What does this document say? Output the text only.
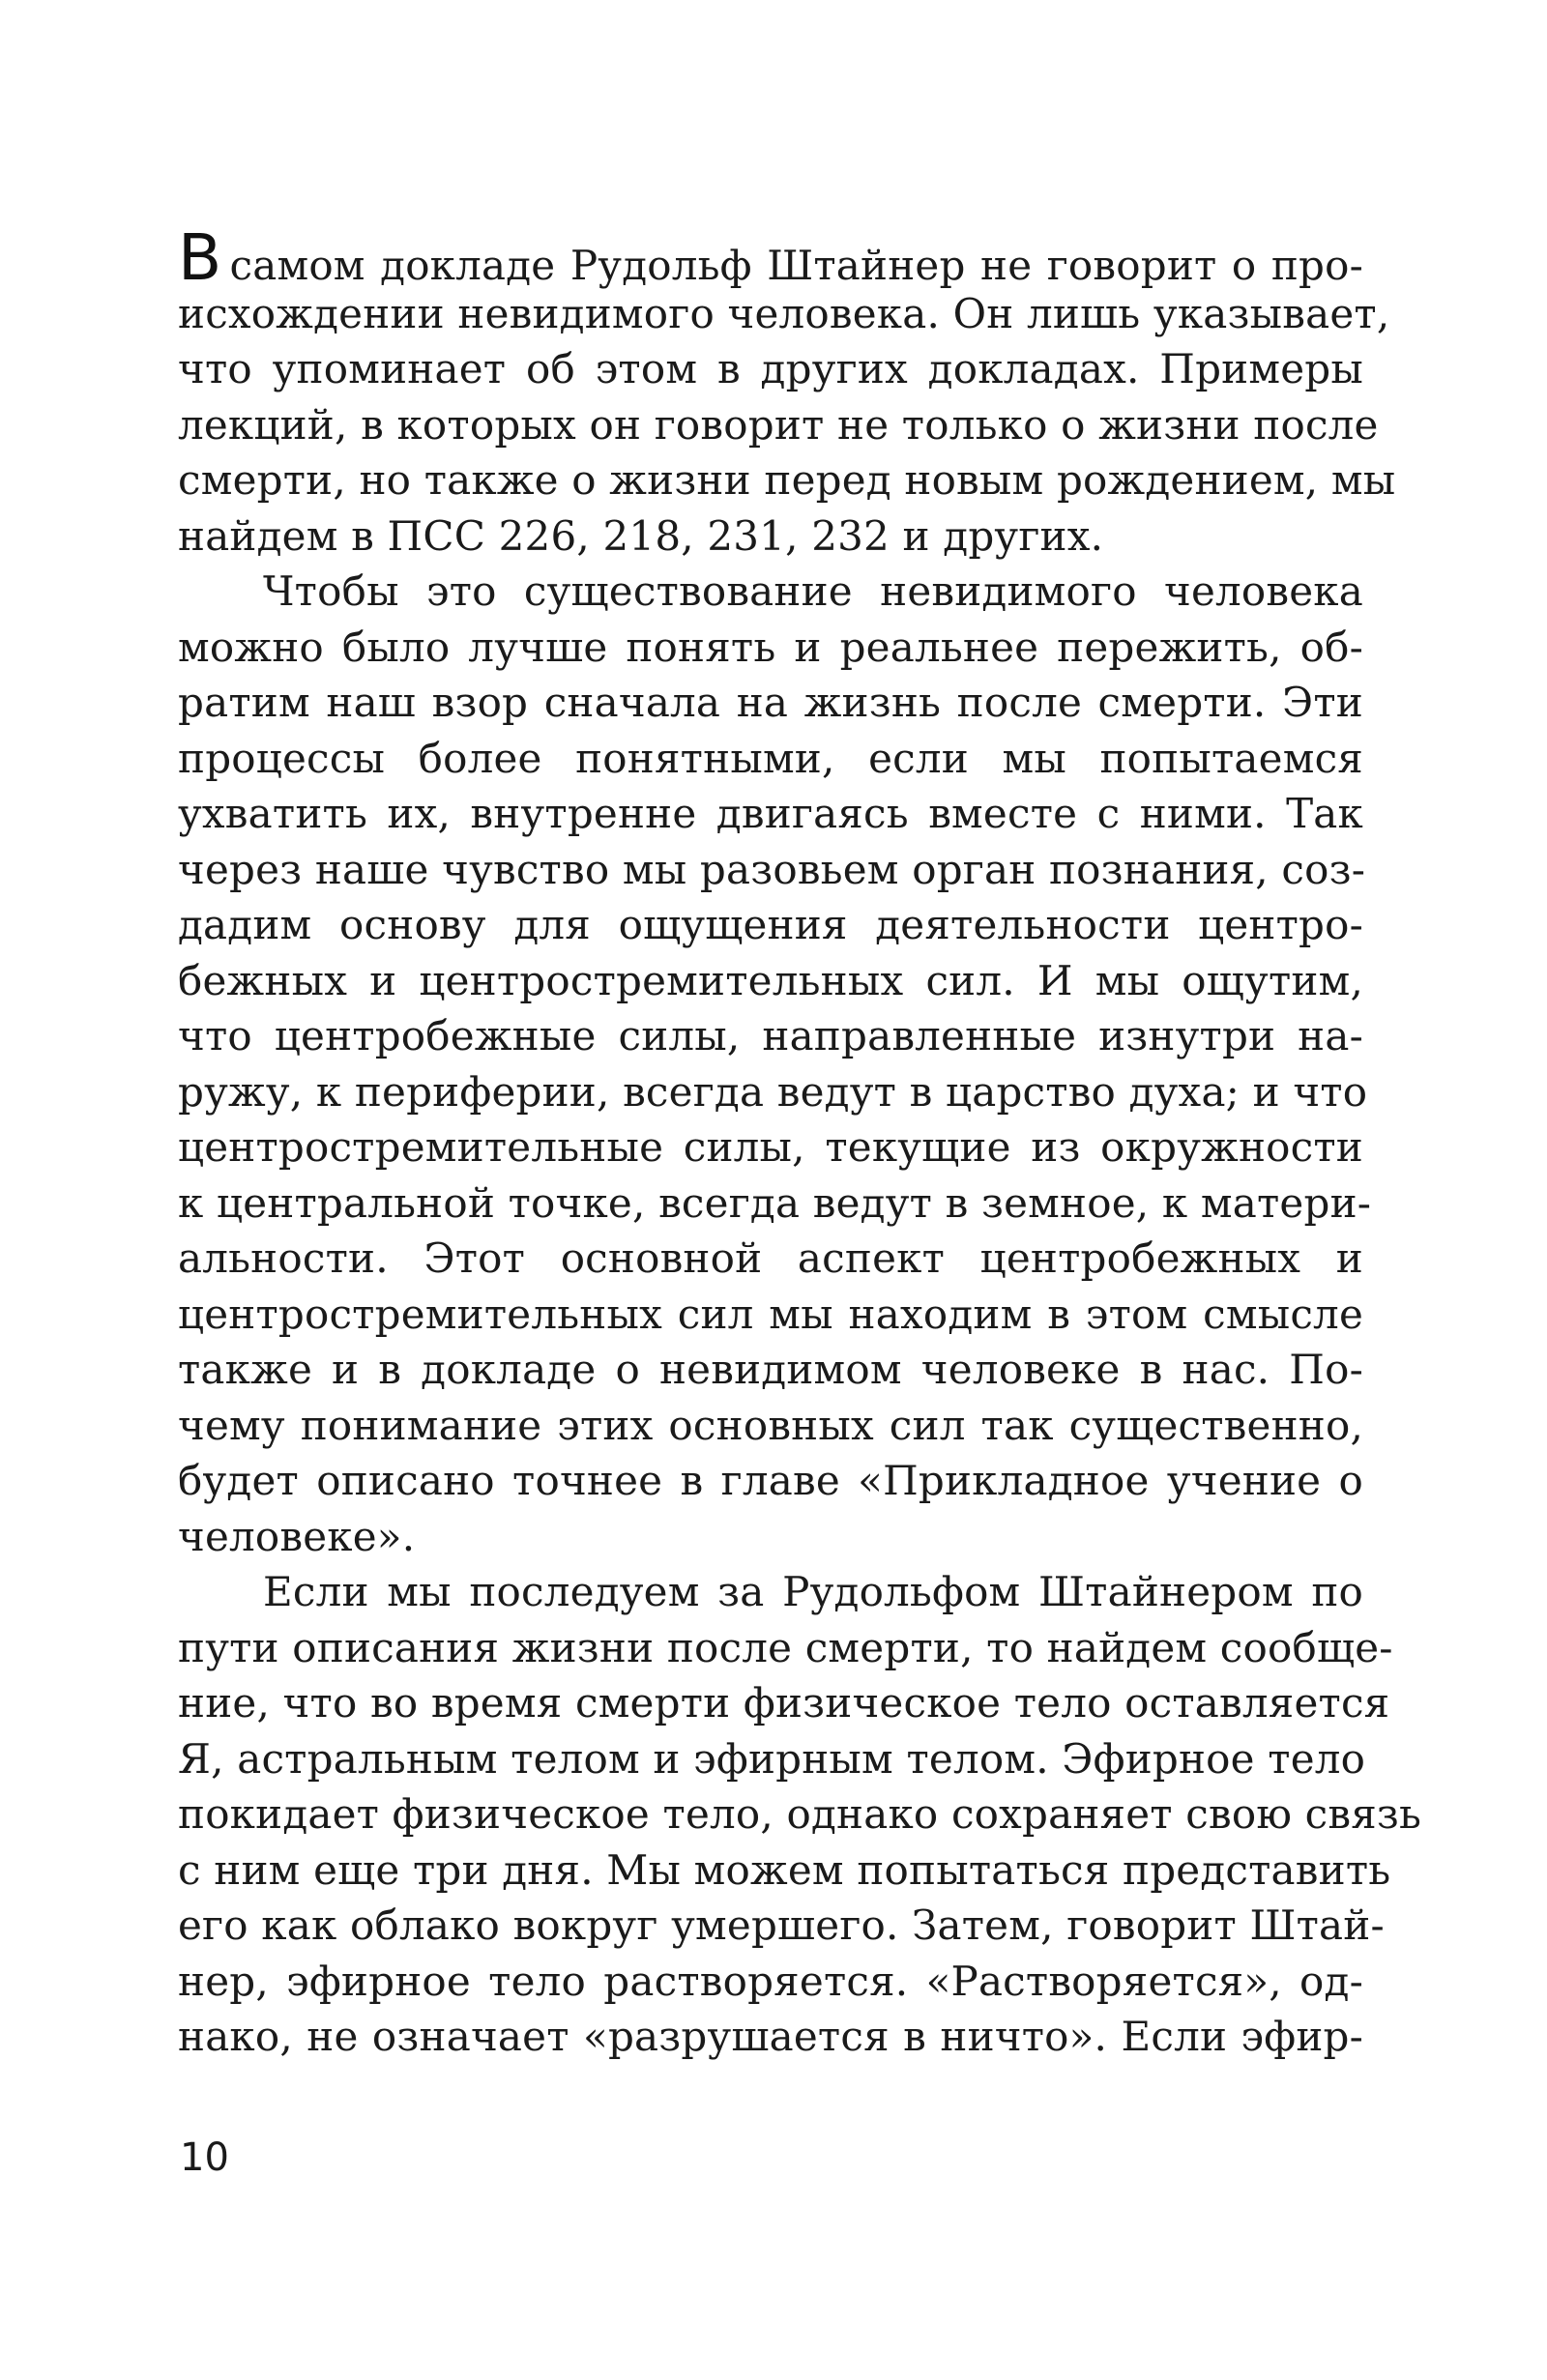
Всамом докладе Рудольф Штайнер не говорит о про-
исхождении невидимого человека. Он лишь указывает,
что упоминает об этом в других докладах. Примеры
лекций, в которых он говорит не только о жизни после
смерти, но также о жизни перед новым рождением, мы
найдем в ПСС 226, 218, 231, 232 и других.
Чтобы это существование невидимого человека
можно было лучше понять и реальнее пережить, об-
ратим наш взор сначала на жизнь после смерти. Эти
процессы более понятными, если мы попытаемся
ухватить их, внутренне двигаясь вместе с ними. Так
через наше чувство мы разовьем орган познания, соз-
дадим основу для ощущения деятельности центро-
бежных и центростремительных сил. И мы ощутим,
что центробежные силы, направленные изнутри на-
ружу, к периферии, всегда ведут в царство духа; и что
центростремительные силы, текущие из окружности
к центральной точке, всегда ведут в земное, к матери-
альности. Этот основной аспект центробежных и
центростремительных сил мы находим в этом смысле
также и в докладе о невидимом человеке в нас. По-
чему понимание этих основных сил так существенно,
будет описано точнее в главе «Прикладное учение о
человеке».
Если мы последуем за Рудольфом Штайнером по
пути описания жизни после смерти, то найдем сообще-
ние, что во время смерти физическое тело оставляется
Я, астральным телом и эфирным телом. Эфирное тело
покидает физическое тело, однако сохраняет свою связь
с ним еще три дня. Мы можем попытаться представить
его как облако вокруг умершего. Затем, говорит Штай-
нер, эфирное тело растворяется. «Растворяется», од-
нако, не означает «разрушается в ничто». Если эфир-
10
